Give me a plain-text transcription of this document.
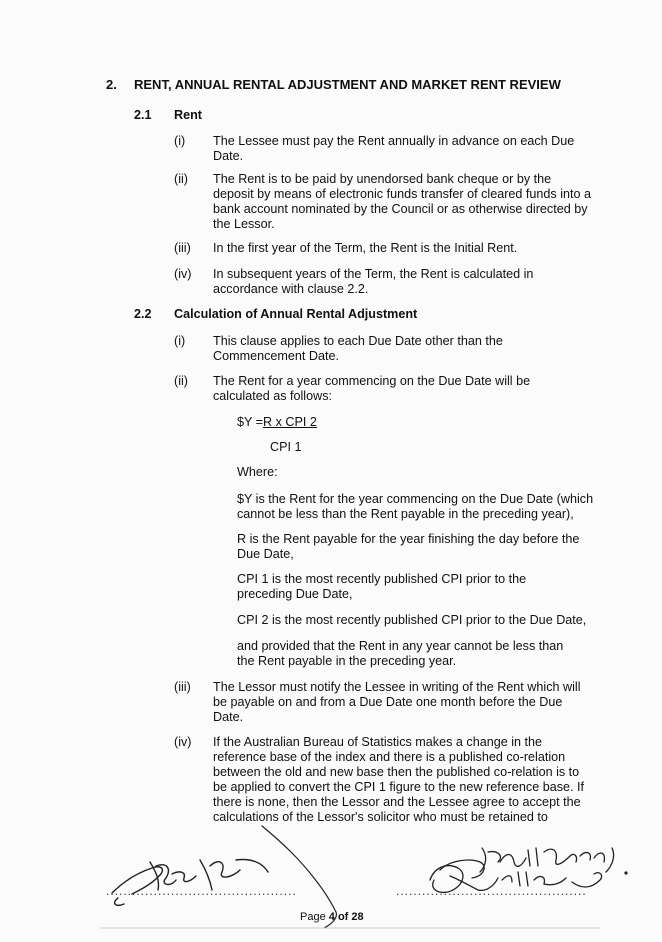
2. RENT, ANNUAL RENTAL ADJUSTMENT AND MARKET RENT REVIEW
2.1 Rent
(i) The Lessee must pay the Rent annually in advance on each Due Date.
(ii) The Rent is to be paid by unendorsed bank cheque or by the deposit by means of electronic funds transfer of cleared funds into a bank account nominated by the Council or as otherwise directed by the Lessor.
(iii) In the first year of the Term, the Rent is the Initial Rent.
(iv) In subsequent years of the Term, the Rent is calculated in accordance with clause 2.2.
2.2 Calculation of Annual Rental Adjustment
(i) This clause applies to each Due Date other than the Commencement Date.
(ii) The Rent for a year commencing on the Due Date will be calculated as follows:
$Y =R x CPI 2
CPI 1
Where:
$Y is the Rent for the year commencing on the Due Date (which cannot be less than the Rent payable in the preceding year),
R is the Rent payable for the year finishing the day before the Due Date,
CPI 1 is the most recently published CPI prior to the preceding Due Date,
CPI 2 is the most recently published CPI prior to the Due Date,
and provided that the Rent in any year cannot be less than the Rent payable in the preceding year.
(iii) The Lessor must notify the Lessee in writing of the Rent which will be payable on and from a Due Date one month before the Due Date.
(iv) If the Australian Bureau of Statistics makes a change in the reference base of the index and there is a published co-relation between the old and new base then the published co-relation is to be applied to convert the CPI 1 figure to the new reference base. If there is none, then the Lessor and the Lessee agree to accept the calculations of the Lessor's solicitor who must be retained to
............................................	............................................
Page 4 of 28
